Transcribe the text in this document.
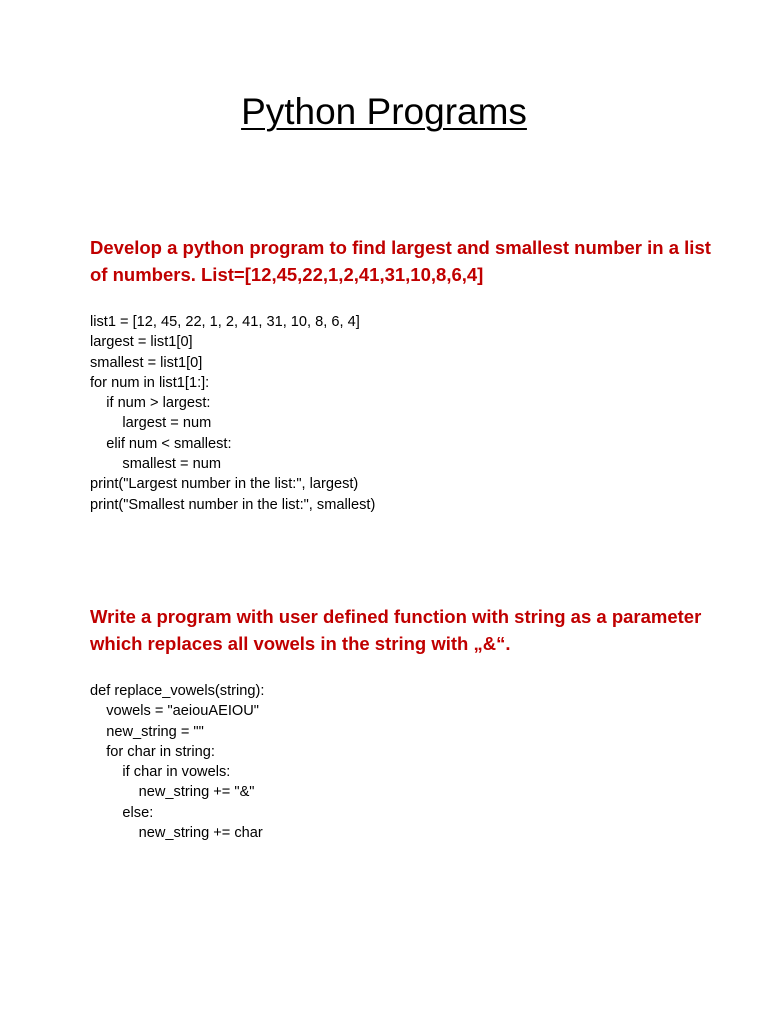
Python Programs

Develop a python program to find largest and smallest number in a list of numbers. List=[12,45,22,1,2,41,31,10,8,6,4]

list1 = [12, 45, 22, 1, 2, 41, 31, 10, 8, 6, 4]
largest = list1[0]
smallest = list1[0]
for num in list1[1:]:
if num > largest:
largest = num
elif num < smallest:
smallest = num
print("Largest number in the list:", largest)
print("Smallest number in the list:", smallest)

Write a program with user defined function with string as a parameter which replaces all vowels in the string with „&“.

def replace_vowels(string):
vowels = "aeiouAEIOU"
new_string = ""
for char in string:
if char in vowels:
new_string += "&"
else:
new_string += char
